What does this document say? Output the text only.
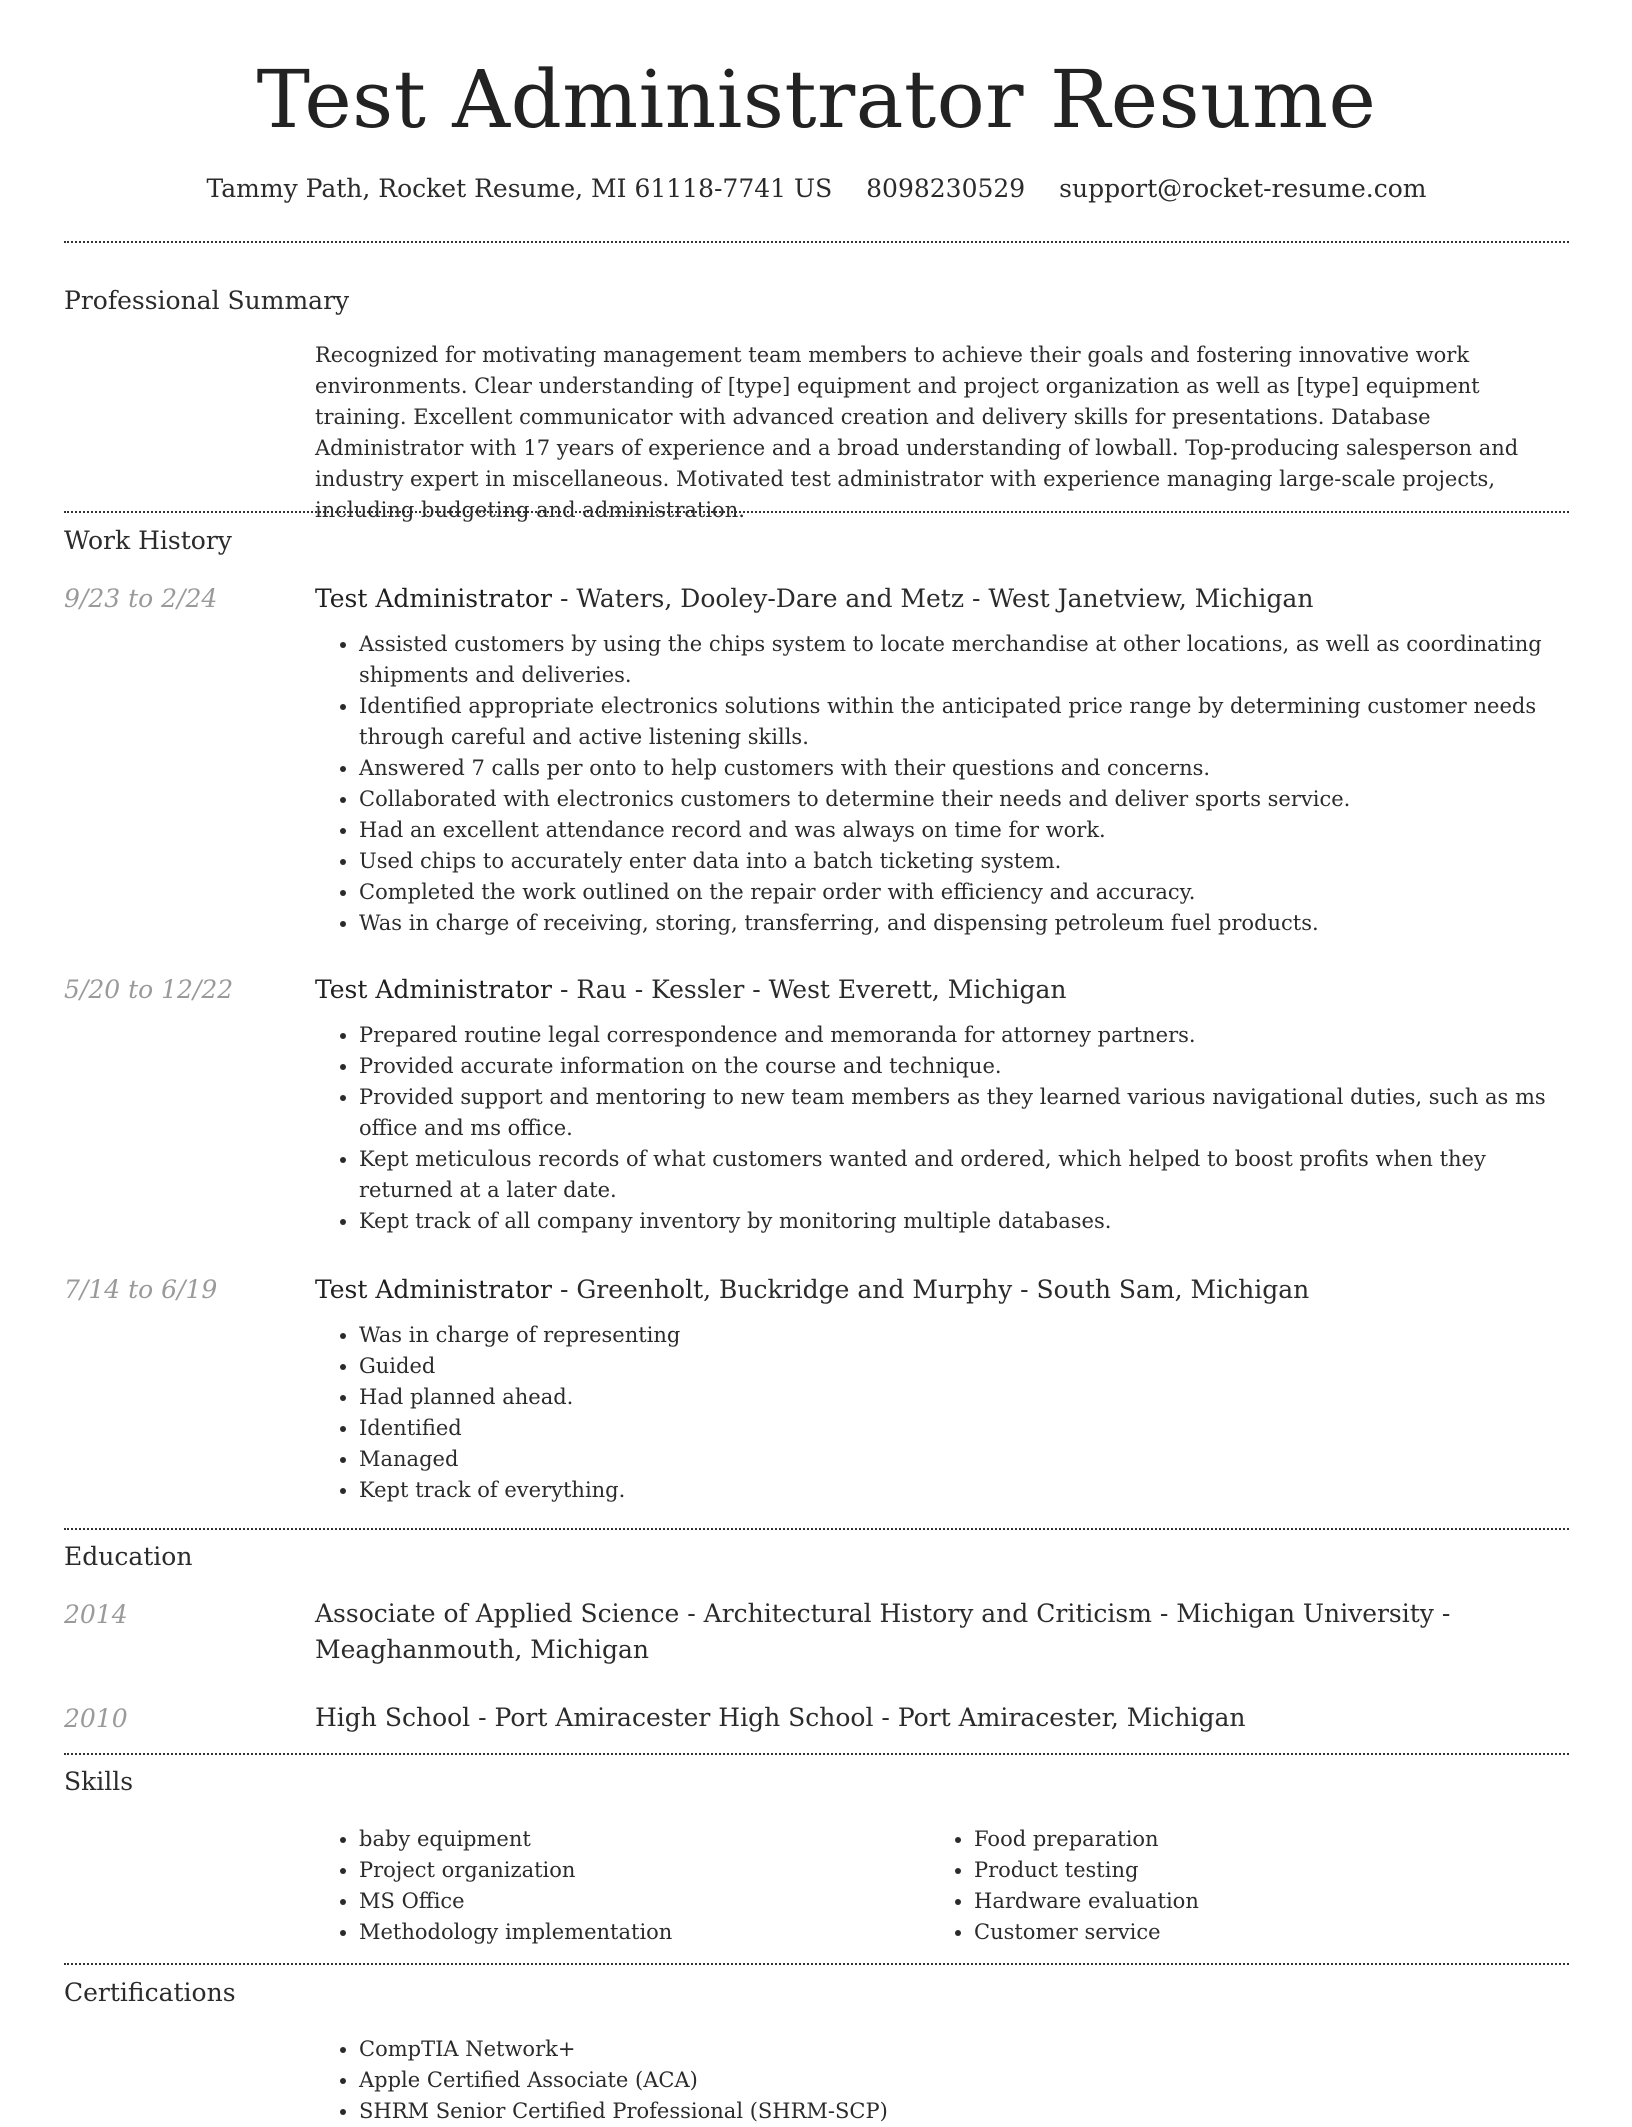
Test Administrator Resume
Tammy Path, Rocket Resume, MI 61118-7741 US 8098230529 support@rocket-resume.com
Professional Summary

Recognized for motivating management team members to achieve their goals and fostering innovative work environments. Clear understanding of [type] equipment and project organization as well as [type] equipment training. Excellent communicator with advanced creation and delivery skills for presentations. Database Administrator with 17 years of experience and a broad understanding of lowball. Top-producing salesperson and industry expert in miscellaneous. Motivated test administrator with experience managing large-scale projects, including budgeting and administration.

Work History
9/23 to 2/24	Test Administrator - Waters, Dooley-Dare and Metz - West Janetview, Michigan

• Assisted customers by using the chips system to locate merchandise at other locations, as well as coordinating shipments and deliveries.
• Identified appropriate electronics solutions within the anticipated price range by determining customer needs through careful and active listening skills.
• Answered 7 calls per onto to help customers with their questions and concerns.
• Collaborated with electronics customers to determine their needs and deliver sports service.
• Had an excellent attendance record and was always on time for work.
• Used chips to accurately enter data into a batch ticketing system.
• Completed the work outlined on the repair order with efficiency and accuracy.
• Was in charge of receiving, storing, transferring, and dispensing petroleum fuel products.
5/20 to 12/22	Test Administrator - Rau - Kessler - West Everett, Michigan

• Prepared routine legal correspondence and memoranda for attorney partners.
• Provided accurate information on the course and technique.
• Provided support and mentoring to new team members as they learned various navigational duties, such as ms office and ms office.
• Kept meticulous records of what customers wanted and ordered, which helped to boost profits when they returned at a later date.
• Kept track of all company inventory by monitoring multiple databases.
7/14 to 6/19	Test Administrator - Greenholt, Buckridge and Murphy - South Sam, Michigan

• Was in charge of representing
• Guided
• Had planned ahead.
• Identified
• Managed
• Kept track of everything.
Education
2014	Associate of Applied Science - Architectural History and Criticism - Michigan University - Meaghanmouth, Michigan

2010	High School - Port Amiracester High School - Port Amiracester, Michigan

Skills
• baby equipment
• Project organization
• MS Office
• Methodology implementation
• Food preparation
• Product testing
• Hardware evaluation
• Customer service
Certifications
• CompTIA Network+
• Apple Certified Associate (ACA)
• SHRM Senior Certified Professional (SHRM-SCP)
